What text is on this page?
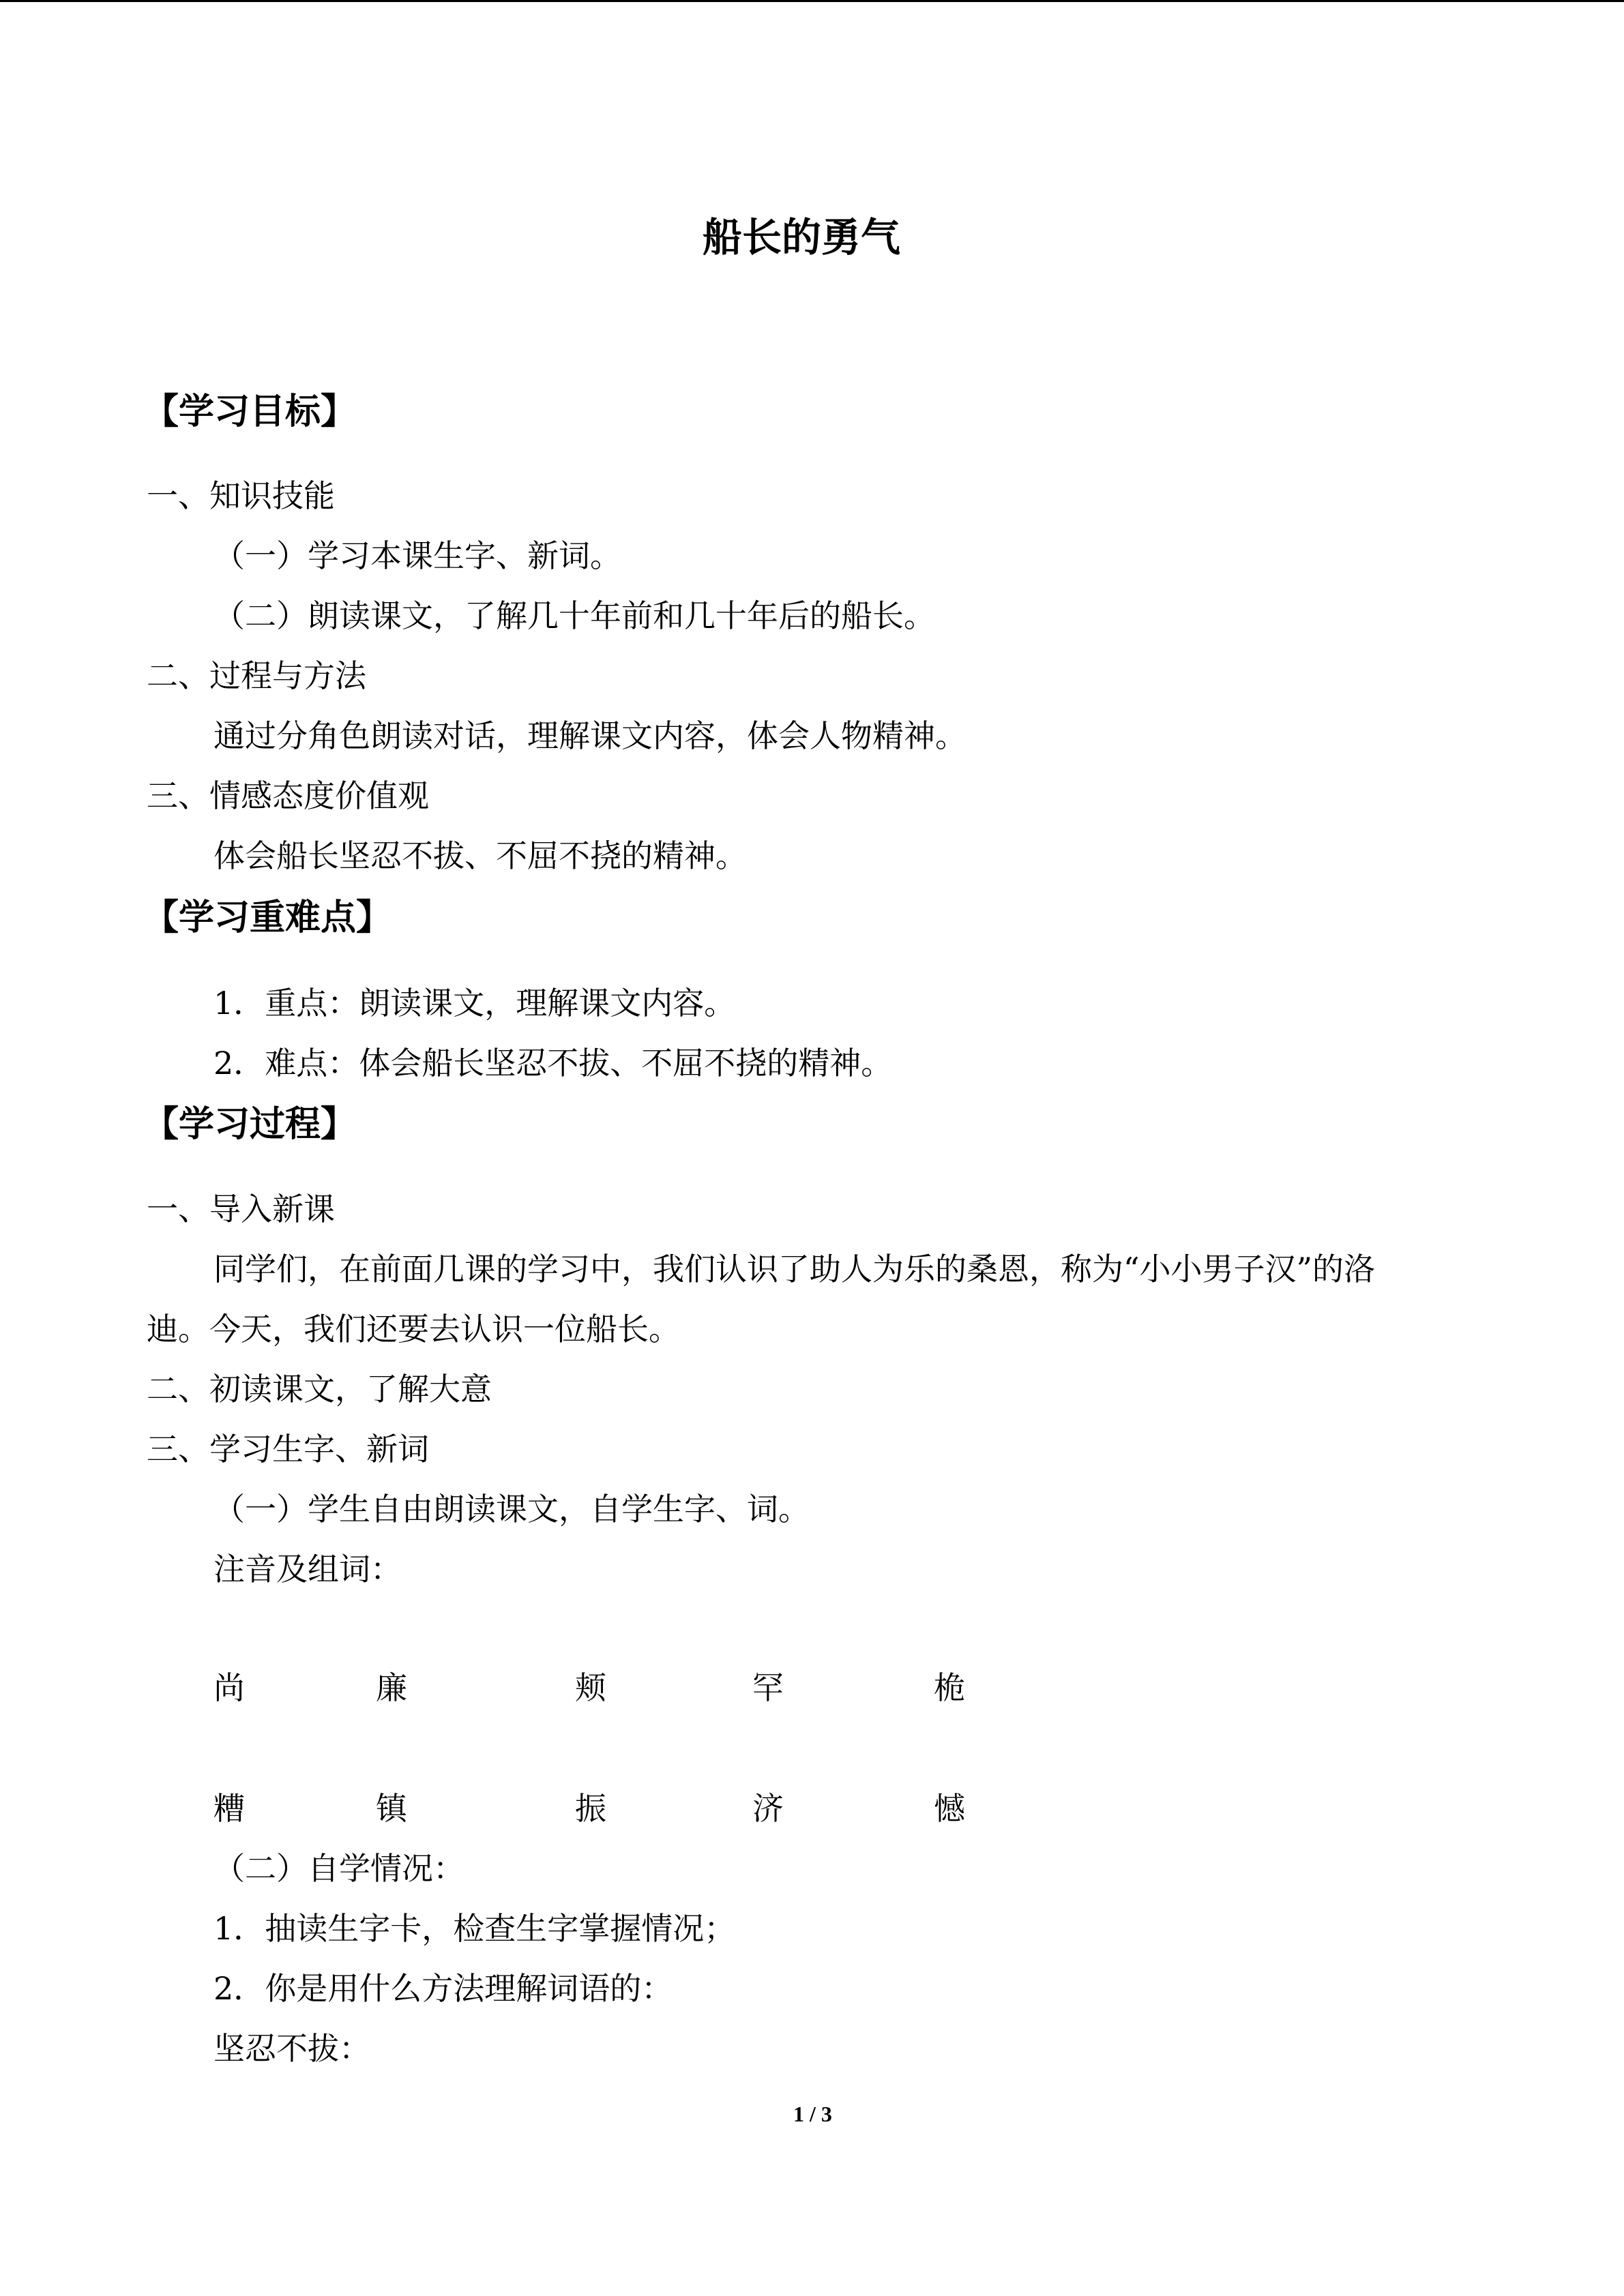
船长的勇气
【学习目标】
一、知识技能
（一）学习本课生字、新词。
（二）朗读课文，了解几十年前和几十年后的船长。
二、过程与方法
通过分角色朗读对话，理解课文内容，体会人物精神。
三、情感态度价值观
体会船长坚忍不拔、不屈不挠的精神。
【学习重难点】
1．重点：朗读课文，理解课文内容。
2．难点：体会船长坚忍不拔、不屈不挠的精神。
【学习过程】
一、导入新课
同学们，在前面几课的学习中，我们认识了助人为乐的桑恩，称为“小小男子汉”的洛
迪。今天，我们还要去认识一位船长。
二、初读课文，了解大意
三、学习生字、新词
（一）学生自由朗读课文，自学生字、词。
注音及组词：
尚	廉	颊	罕	桅
糟	镇	振	济	憾
（二）自学情况：
1．抽读生字卡，检查生字掌握情况；
2．你是用什么方法理解词语的：
坚忍不拔：
1 / 3
